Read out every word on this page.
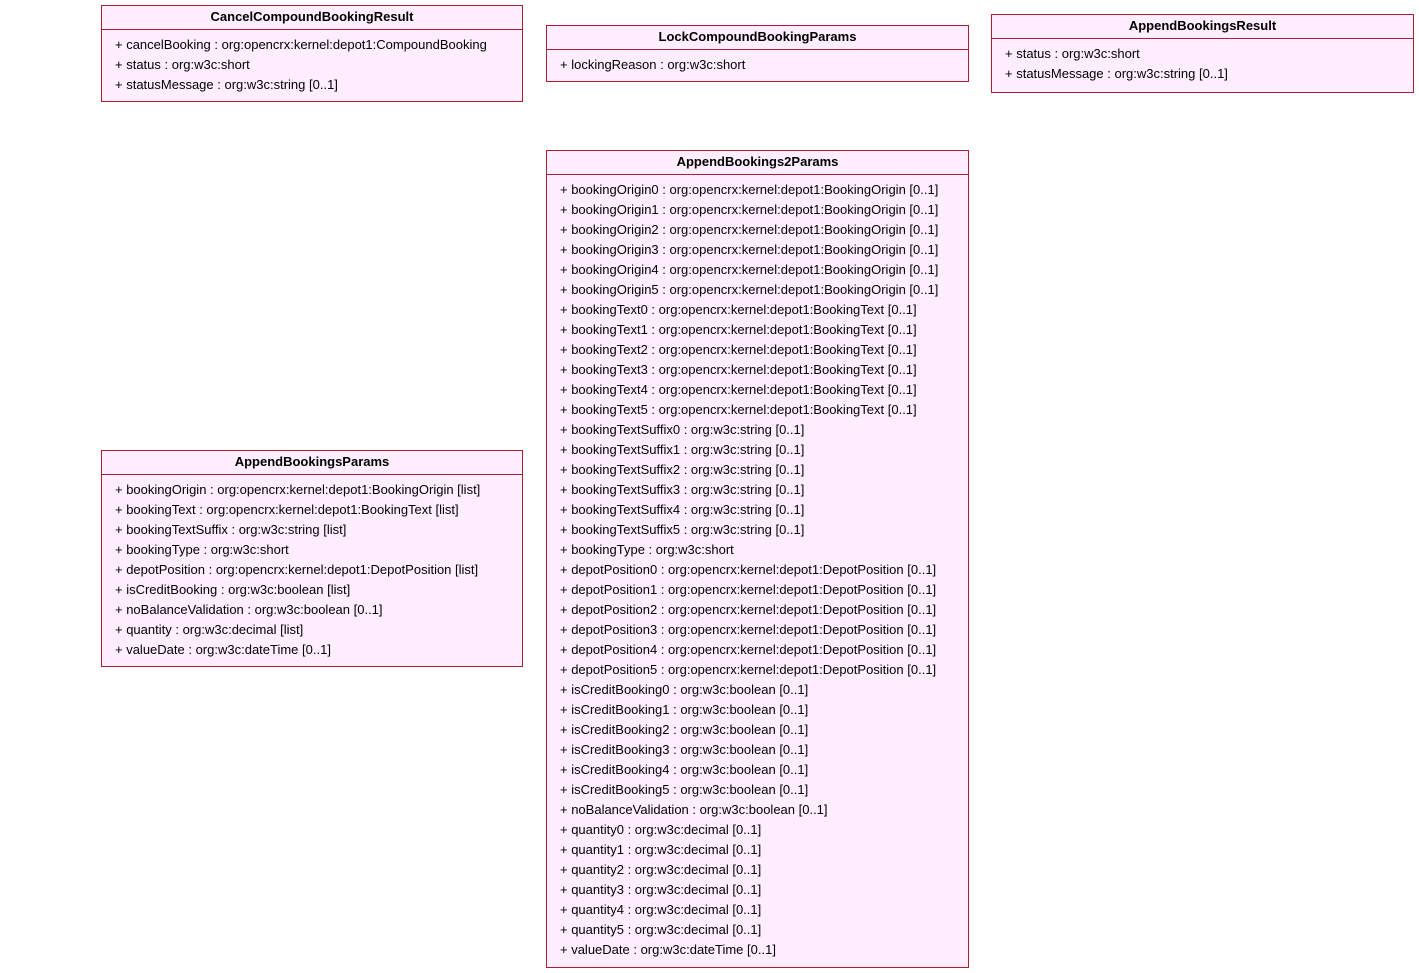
CancelCompoundBookingResult
+ cancelBooking : org:opencrx:kernel:depot1:CompoundBooking
+ status : org:w3c:short
+ statusMessage : org:w3c:string [0..1]
LockCompoundBookingParams
+ lockingReason : org:w3c:short
AppendBookingsResult
+ status : org:w3c:short
+ statusMessage : org:w3c:string [0..1]
AppendBookingsParams
+ bookingOrigin : org:opencrx:kernel:depot1:BookingOrigin [list]
+ bookingText : org:opencrx:kernel:depot1:BookingText [list]
+ bookingTextSuffix : org:w3c:string [list]
+ bookingType : org:w3c:short
+ depotPosition : org:opencrx:kernel:depot1:DepotPosition [list]
+ isCreditBooking : org:w3c:boolean [list]
+ noBalanceValidation : org:w3c:boolean [0..1]
+ quantity : org:w3c:decimal [list]
+ valueDate : org:w3c:dateTime [0..1]
AppendBookings2Params
+ bookingOrigin0 : org:opencrx:kernel:depot1:BookingOrigin [0..1]
+ bookingOrigin1 : org:opencrx:kernel:depot1:BookingOrigin [0..1]
+ bookingOrigin2 : org:opencrx:kernel:depot1:BookingOrigin [0..1]
+ bookingOrigin3 : org:opencrx:kernel:depot1:BookingOrigin [0..1]
+ bookingOrigin4 : org:opencrx:kernel:depot1:BookingOrigin [0..1]
+ bookingOrigin5 : org:opencrx:kernel:depot1:BookingOrigin [0..1]
+ bookingText0 : org:opencrx:kernel:depot1:BookingText [0..1]
+ bookingText1 : org:opencrx:kernel:depot1:BookingText [0..1]
+ bookingText2 : org:opencrx:kernel:depot1:BookingText [0..1]
+ bookingText3 : org:opencrx:kernel:depot1:BookingText [0..1]
+ bookingText4 : org:opencrx:kernel:depot1:BookingText [0..1]
+ bookingText5 : org:opencrx:kernel:depot1:BookingText [0..1]
+ bookingTextSuffix0 : org:w3c:string [0..1]
+ bookingTextSuffix1 : org:w3c:string [0..1]
+ bookingTextSuffix2 : org:w3c:string [0..1]
+ bookingTextSuffix3 : org:w3c:string [0..1]
+ bookingTextSuffix4 : org:w3c:string [0..1]
+ bookingTextSuffix5 : org:w3c:string [0..1]
+ bookingType : org:w3c:short
+ depotPosition0 : org:opencrx:kernel:depot1:DepotPosition [0..1]
+ depotPosition1 : org:opencrx:kernel:depot1:DepotPosition [0..1]
+ depotPosition2 : org:opencrx:kernel:depot1:DepotPosition [0..1]
+ depotPosition3 : org:opencrx:kernel:depot1:DepotPosition [0..1]
+ depotPosition4 : org:opencrx:kernel:depot1:DepotPosition [0..1]
+ depotPosition5 : org:opencrx:kernel:depot1:DepotPosition [0..1]
+ isCreditBooking0 : org:w3c:boolean [0..1]
+ isCreditBooking1 : org:w3c:boolean [0..1]
+ isCreditBooking2 : org:w3c:boolean [0..1]
+ isCreditBooking3 : org:w3c:boolean [0..1]
+ isCreditBooking4 : org:w3c:boolean [0..1]
+ isCreditBooking5 : org:w3c:boolean [0..1]
+ noBalanceValidation : org:w3c:boolean [0..1]
+ quantity0 : org:w3c:decimal [0..1]
+ quantity1 : org:w3c:decimal [0..1]
+ quantity2 : org:w3c:decimal [0..1]
+ quantity3 : org:w3c:decimal [0..1]
+ quantity4 : org:w3c:decimal [0..1]
+ quantity5 : org:w3c:decimal [0..1]
+ valueDate : org:w3c:dateTime [0..1]
